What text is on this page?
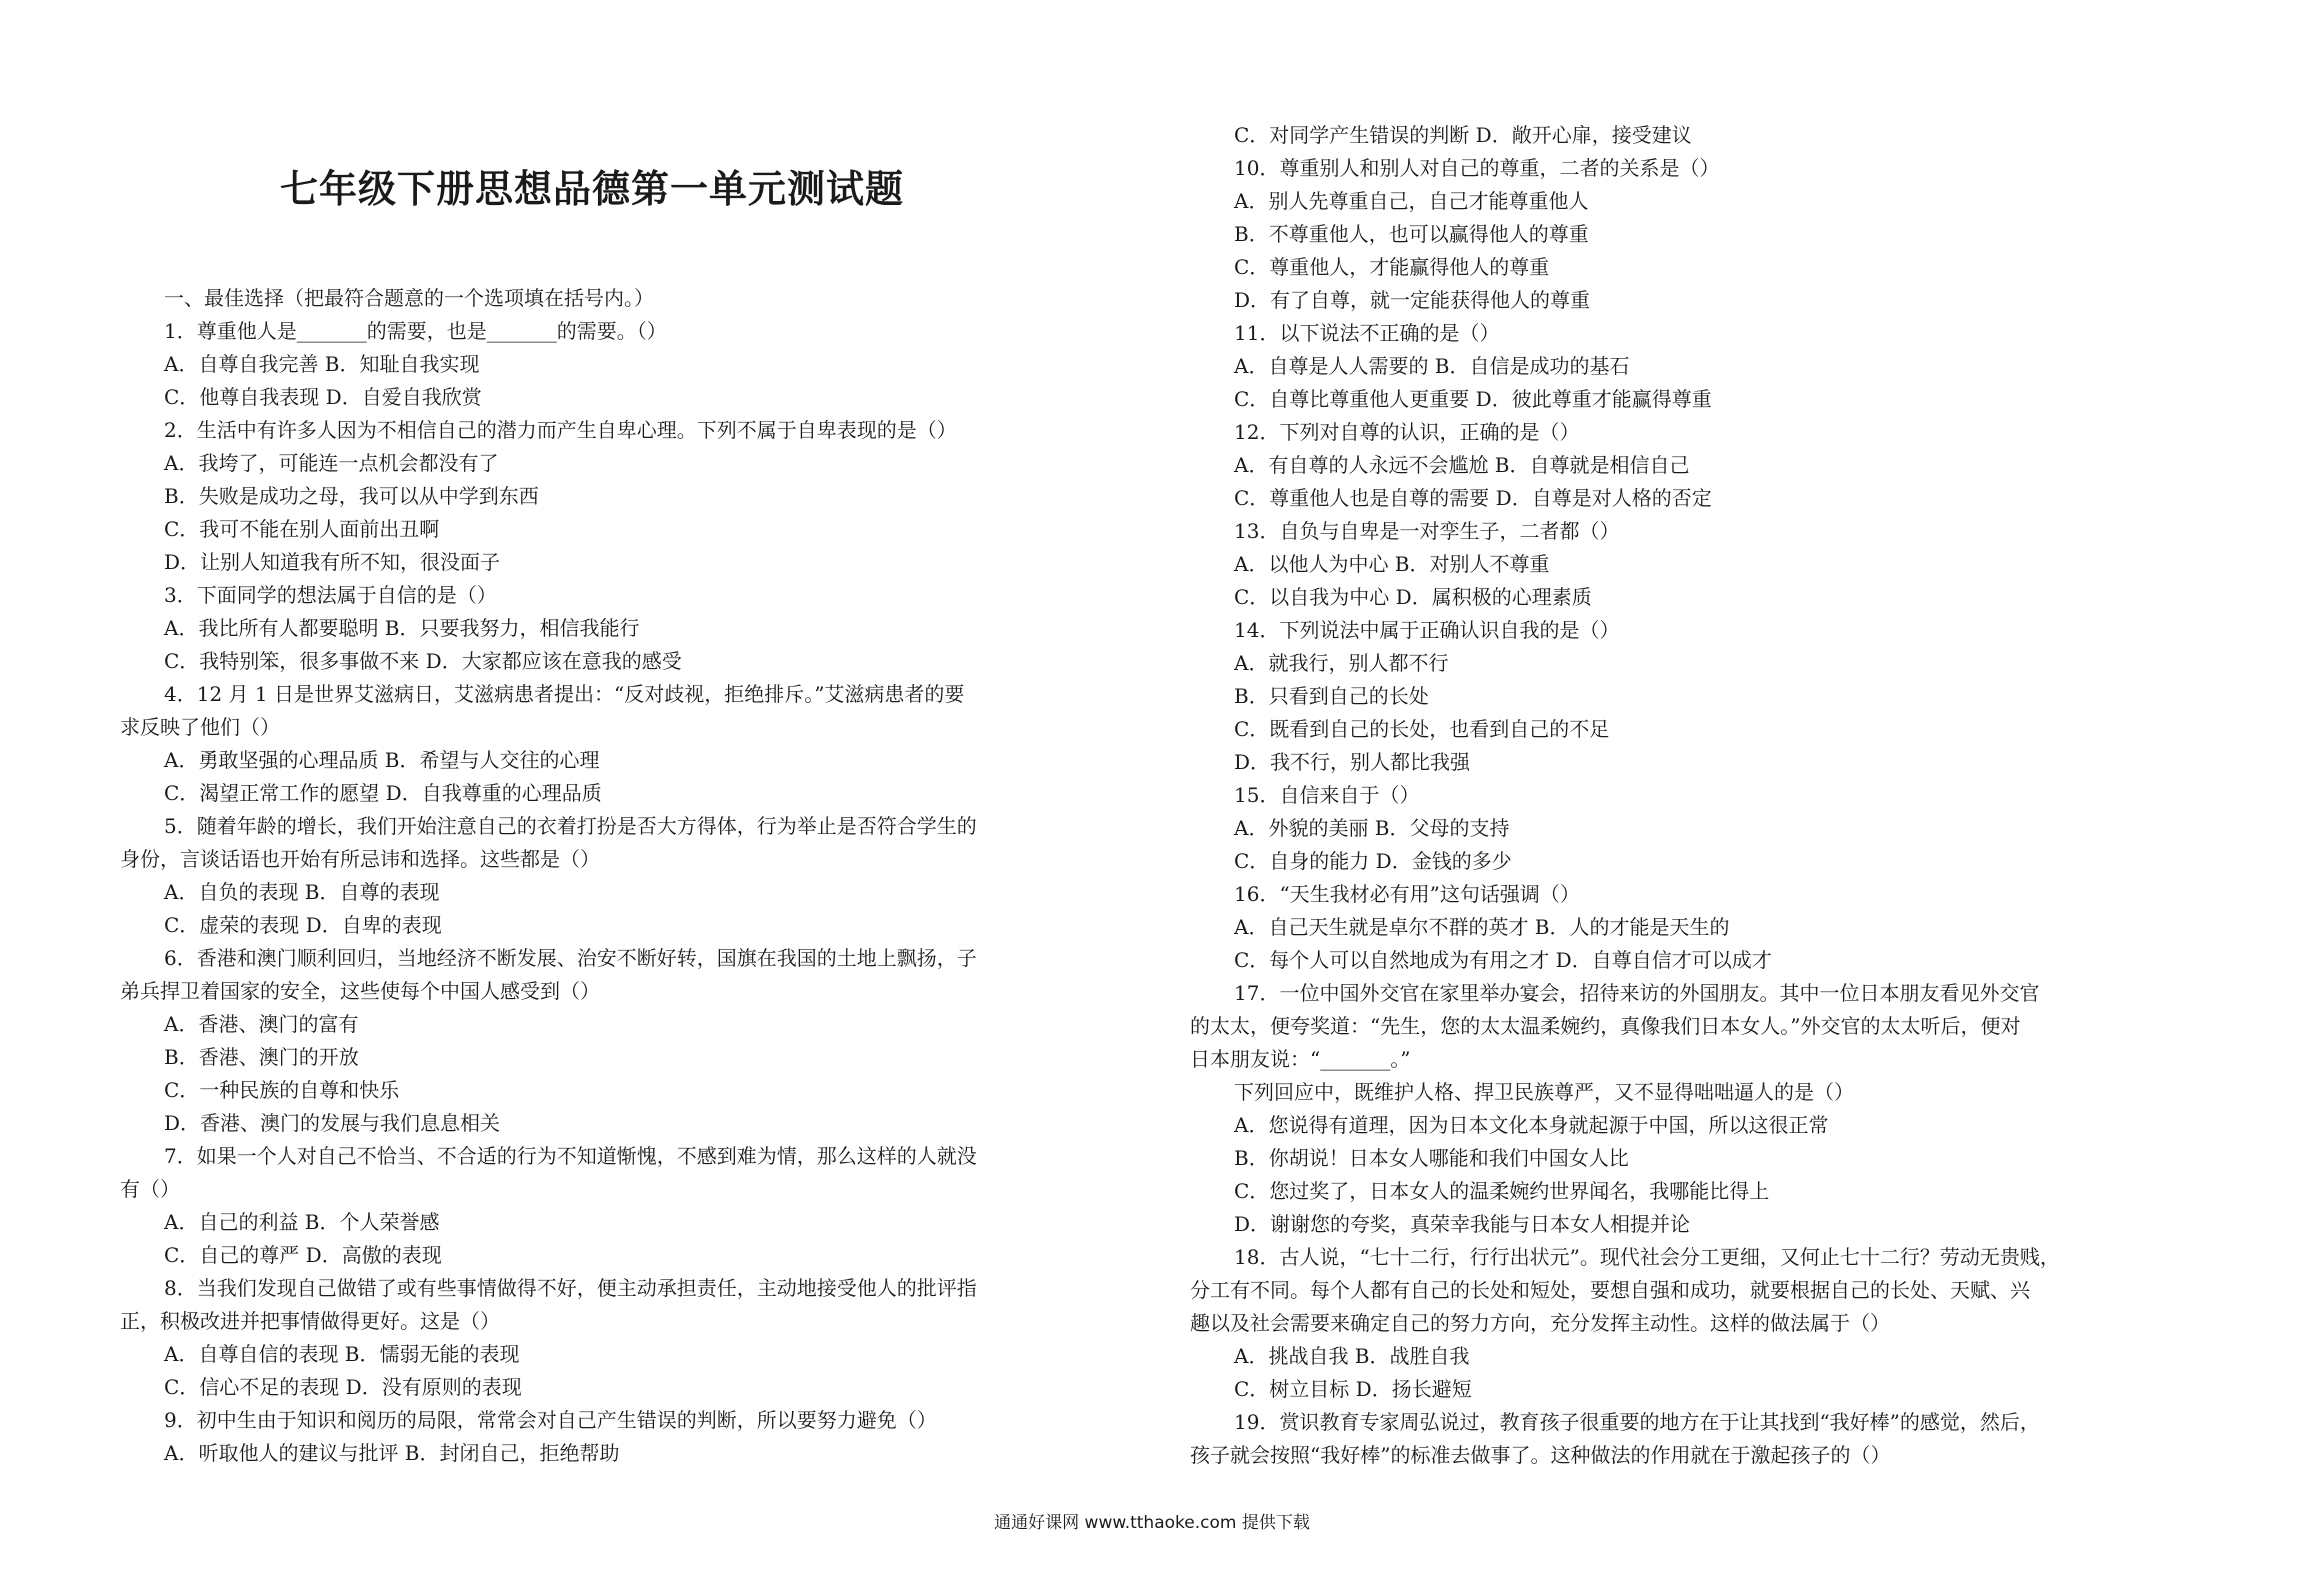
七年级下册思想品德第一单元测试题
一、最佳选择（把最符合题意的一个选项填在括号内。）
1．尊重他人是_______的需要，也是_______的需要。（）
A．自尊自我完善 B．知耻自我实现
C．他尊自我表现 D．自爱自我欣赏
2．生活中有许多人因为不相信自己的潜力而产生自卑心理。下列不属于自卑表现的是（）
A．我垮了，可能连一点机会都没有了
B．失败是成功之母，我可以从中学到东西
C．我可不能在别人面前出丑啊
D．让别人知道我有所不知，很没面子
3．下面同学的想法属于自信的是（）
A．我比所有人都要聪明 B．只要我努力，相信我能行
C．我特别笨，很多事做不来 D．大家都应该在意我的感受
4．12 月 1 日是世界艾滋病日，艾滋病患者提出：“反对歧视，拒绝排斥。”艾滋病患者的要
求反映了他们（）
A．勇敢坚强的心理品质 B．希望与人交往的心理
C．渴望正常工作的愿望 D．自我尊重的心理品质
5．随着年龄的增长，我们开始注意自己的衣着打扮是否大方得体，行为举止是否符合学生的
身份，言谈话语也开始有所忌讳和选择。这些都是（）
A．自负的表现 B．自尊的表现
C．虚荣的表现 D．自卑的表现
6．香港和澳门顺利回归，当地经济不断发展、治安不断好转，国旗在我国的土地上飘扬，子
弟兵捍卫着国家的安全，这些使每个中国人感受到（）
A．香港、澳门的富有
B．香港、澳门的开放
C．一种民族的自尊和快乐
D．香港、澳门的发展与我们息息相关
7．如果一个人对自己不恰当、不合适的行为不知道惭愧，不感到难为情，那么这样的人就没
有（）
A．自己的利益 B．个人荣誉感
C．自己的尊严 D．高傲的表现
8．当我们发现自己做错了或有些事情做得不好，便主动承担责任，主动地接受他人的批评指
正，积极改进并把事情做得更好。这是（）
A．自尊自信的表现 B．懦弱无能的表现
C．信心不足的表现 D．没有原则的表现
9．初中生由于知识和阅历的局限，常常会对自己产生错误的判断，所以要努力避免（）
A．听取他人的建议与批评 B．封闭自己，拒绝帮助
C．对同学产生错误的判断 D．敞开心扉，接受建议
10．尊重别人和别人对自己的尊重，二者的关系是（）
A．别人先尊重自己，自己才能尊重他人
B．不尊重他人，也可以赢得他人的尊重
C．尊重他人，才能赢得他人的尊重
D．有了自尊，就一定能获得他人的尊重
11．以下说法不正确的是（）
A．自尊是人人需要的 B．自信是成功的基石
C．自尊比尊重他人更重要 D．彼此尊重才能赢得尊重
12．下列对自尊的认识，正确的是（）
A．有自尊的人永远不会尴尬 B．自尊就是相信自己
C．尊重他人也是自尊的需要 D．自尊是对人格的否定
13．自负与自卑是一对孪生子，二者都（）
A．以他人为中心 B．对别人不尊重
C．以自我为中心 D．属积极的心理素质
14．下列说法中属于正确认识自我的是（）
A．就我行，别人都不行
B．只看到自己的长处
C．既看到自己的长处，也看到自己的不足
D．我不行，别人都比我强
15．自信来自于（）
A．外貌的美丽 B．父母的支持
C．自身的能力 D．金钱的多少
16．“天生我材必有用”这句话强调（）
A．自己天生就是卓尔不群的英才 B．人的才能是天生的
C．每个人可以自然地成为有用之才 D．自尊自信才可以成才
17．一位中国外交官在家里举办宴会，招待来访的外国朋友。其中一位日本朋友看见外交官
的太太，便夸奖道：“先生，您的太太温柔婉约，真像我们日本女人。”外交官的太太听后，便对
日本朋友说：“_______。”
下列回应中，既维护人格、捍卫民族尊严，又不显得咄咄逼人的是（）
A．您说得有道理，因为日本文化本身就起源于中国，所以这很正常
B．你胡说！日本女人哪能和我们中国女人比
C．您过奖了，日本女人的温柔婉约世界闻名，我哪能比得上
D．谢谢您的夸奖，真荣幸我能与日本女人相提并论
18．古人说，“七十二行，行行出状元”。现代社会分工更细，又何止七十二行？劳动无贵贱，
分工有不同。每个人都有自己的长处和短处，要想自强和成功，就要根据自己的长处、天赋、兴
趣以及社会需要来确定自己的努力方向，充分发挥主动性。这样的做法属于（）
A．挑战自我 B．战胜自我
C．树立目标 D．扬长避短
19．赏识教育专家周弘说过，教育孩子很重要的地方在于让其找到“我好棒”的感觉，然后，
孩子就会按照“我好棒”的标准去做事了。这种做法的作用就在于激起孩子的（）
通通好课网 www.tthaoke.com 提供下载
